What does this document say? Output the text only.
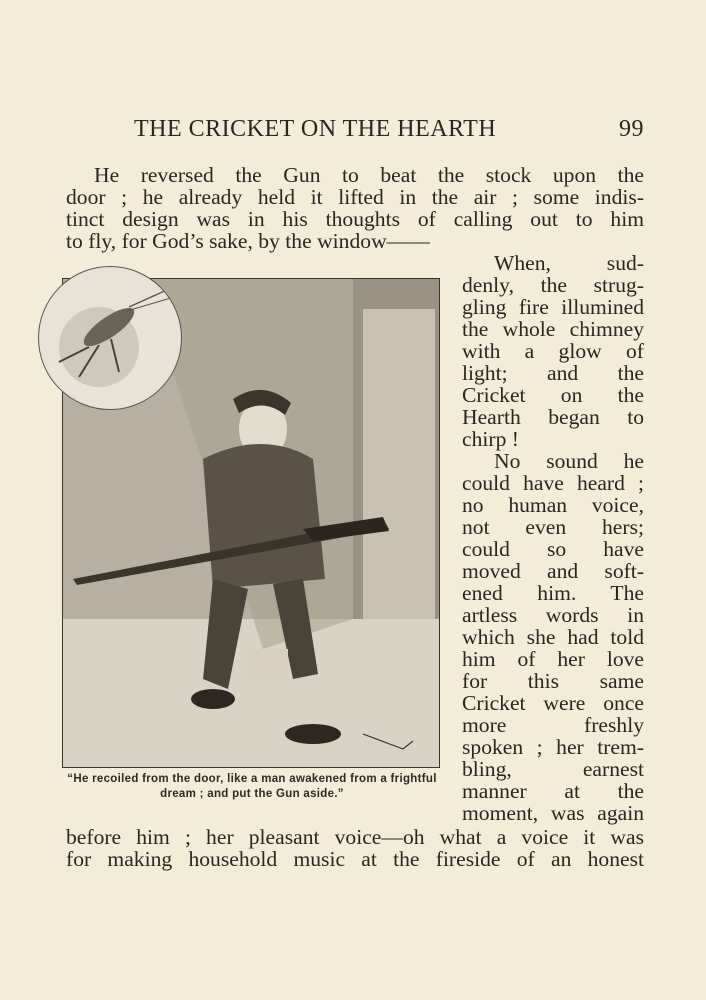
THE CRICKET ON THE HEARTH	99
He reversed the Gun to beat the stock upon the
door ; he already held it lifted in the air ; some indis-
tinct design was in his thoughts of calling out to him
to fly, for God’s sake, by the window——
When, sud-
denly, the strug-
gling fire illumined
the whole chimney
with a glow of
light; and the
Cricket on the
Hearth began to
chirp !
No sound he
could have heard ;
no human voice,
not even hers;
could so have
moved and soft-
ened him. The
artless words in
which she had told
him of her love
for this same
Cricket were once
more freshly
spoken ; her trem-
bling, earnest
manner at the
moment, was again
“He recoiled from the door, like a man awakened from a frightful dream ; and put the Gun aside.”
before him ; her pleasant voice—oh what a voice it was
for making household music at the fireside of an honest
